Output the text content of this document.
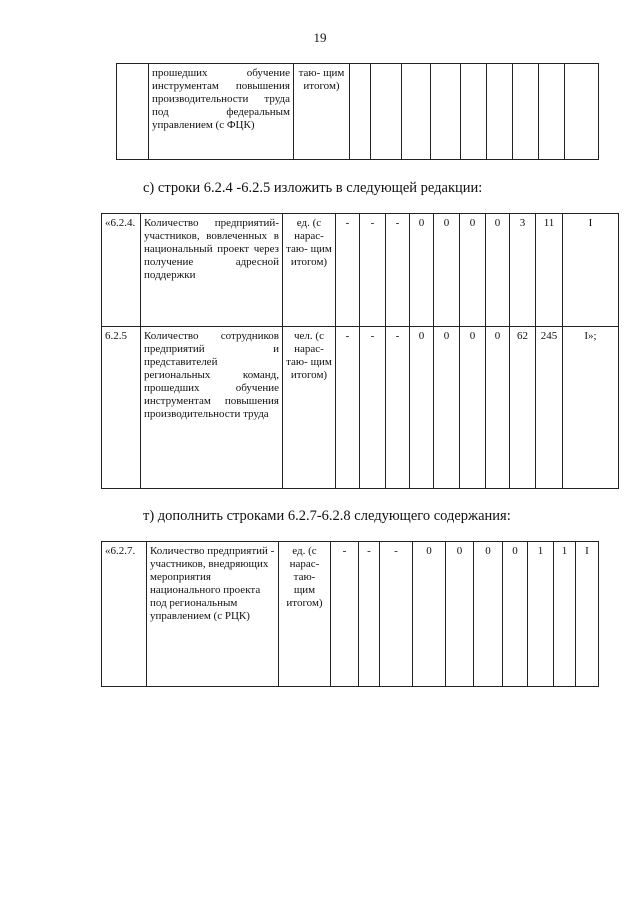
19
	прошедших обучение инструментам повышения производительности труда под федеральным управлением (с ФЦК)	таю- щим итогом)									
с) строки 6.2.4 -6.2.5 изложить в следующей редакции:
«6.2.4.	Количество предприятий-участников, вовлеченных в национальный проект через получение адресной поддержки	ед. (с нарас- таю- щим итогом)	-	-	-	0	0	0	0	3	11	I
6.2.5	Количество сотрудников предприятий и представителей региональных команд, прошедших обучение инструментам повышения производительности труда	чел. (с нарас- таю- щим итогом)	-	-	-	0	0	0	0	62	245	I»;
т) дополнить строками 6.2.7-6.2.8 следующего содержания:
«6.2.7.	Количество предприятий - участников, внедряющих мероприятия национального проекта под региональным управлением (с РЦК)	ед. (с нарас- таю- щим итогом)	-	-	-	0	0	0	0	1	1	I
